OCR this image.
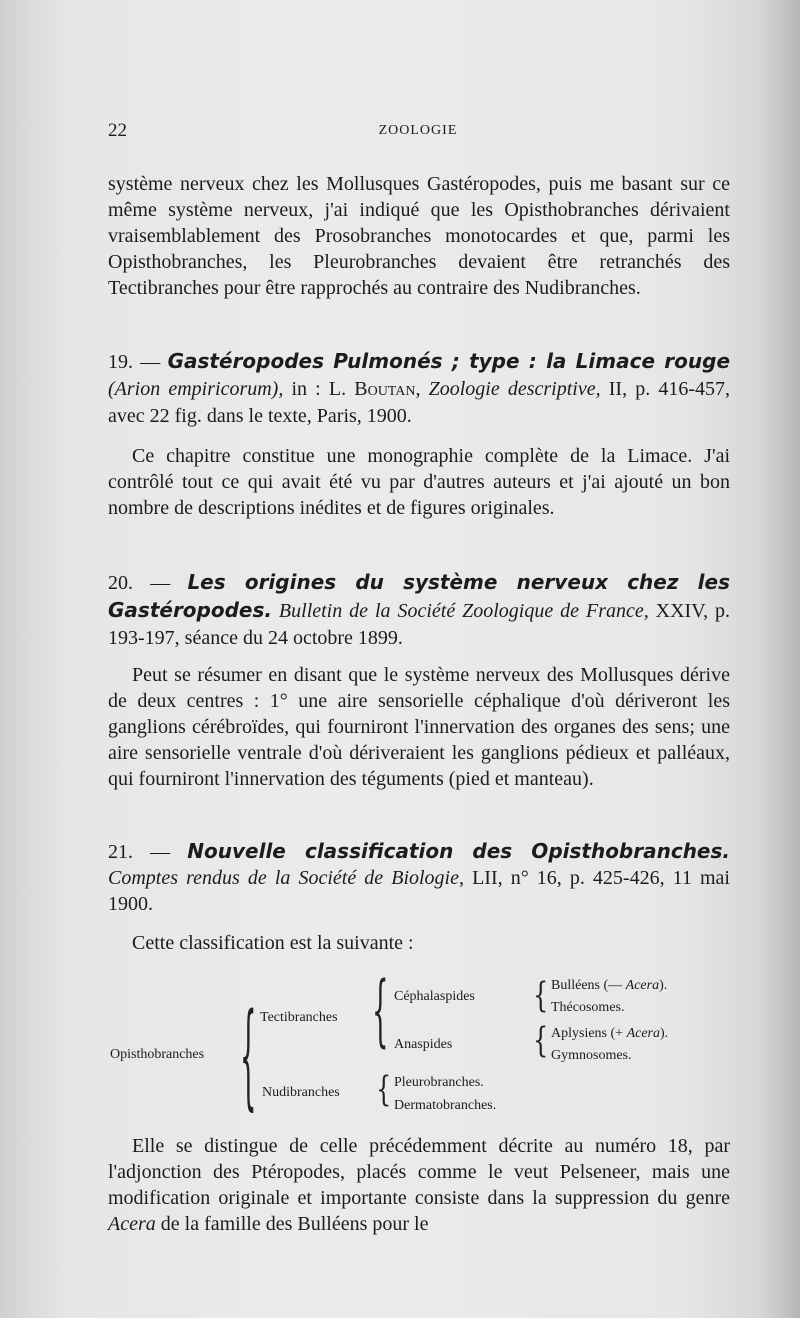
22	ZOOLOGIE
système nerveux chez les Mollusques Gastéropodes, puis me basant sur ce même système nerveux, j'ai indiqué que les Opisthobranches dérivaient vraisemblablement des Prosobranches monotocardes et que, parmi les Opisthobranches, les Pleurobranches devaient être retranchés des Tectibranches pour être rapprochés au contraire des Nudibranches.
19. — Gastéropodes Pulmonés ; type : la Limace rouge (Arion empiricorum), in : L. Boutan, Zoologie descriptive, II, p. 416-457, avec 22 fig. dans le texte, Paris, 1900.
Ce chapitre constitue une monographie complète de la Limace. J'ai contrôlé tout ce qui avait été vu par d'autres auteurs et j'ai ajouté un bon nombre de descriptions inédites et de figures originales.
20. — Les origines du système nerveux chez les Gastéropodes. Bulletin de la Société Zoologique de France, XXIV, p. 193-197, séance du 24 octobre 1899.
Peut se résumer en disant que le système nerveux des Mollusques dérive de deux centres : 1° une aire sensorielle céphalique d'où dériveront les ganglions cérébroïdes, qui fourniront l'innervation des organes des sens; une aire sensorielle ventrale d'où dériveraient les ganglions pédieux et palléaux, qui fourniront l'innervation des téguments (pied et manteau).
21. — Nouvelle classification des Opisthobranches. Comptes rendus de la Société de Biologie, LII, n° 16, p. 425-426, 11 mai 1900.
Cette classification est la suivante :
Opisthobranches { Tectibranches { Céphalaspides
Anaspides
{ Bulléens (— Acera).
Thécosomes.
{ Aplysiens (+ Acera).
Gymnosomes.
Nudibranches { Pleurobranches.
Dermatobranches.
Elle se distingue de celle précédemment décrite au numéro 18, par l'adjonction des Ptéropodes, placés comme le veut Pelseneer, mais une modification originale et importante consiste dans la suppression du genre Acera de la famille des Bulléens pour le
